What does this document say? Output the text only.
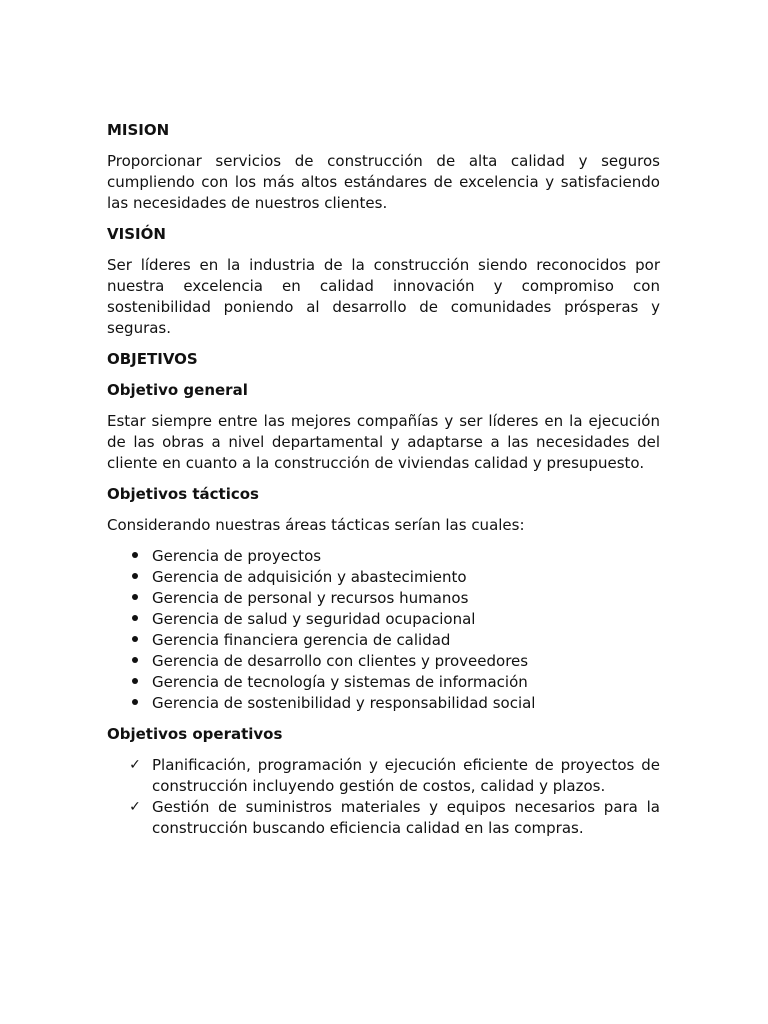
MISION

Proporcionar servicios de construcción de alta calidad y seguros cumpliendo con los más altos estándares de excelencia y satisfaciendo las necesidades de nuestros clientes.

VISIÓN

Ser líderes en la industria de la construcción siendo reconocidos por nuestra excelencia en calidad innovación y compromiso con sostenibilidad poniendo al desarrollo de comunidades prósperas y seguras.

OBJETIVOS
Objetivo general

Estar siempre entre las mejores compañías y ser líderes en la ejecución de las obras a nivel departamental y adaptarse a las necesidades del cliente en cuanto a la construcción de viviendas calidad y presupuesto.

Objetivos tácticos

Considerando nuestras áreas tácticas serían las cuales:

Gerencia de proyectos
Gerencia de adquisición y abastecimiento
Gerencia de personal y recursos humanos
Gerencia de salud y seguridad ocupacional
Gerencia financiera gerencia de calidad
Gerencia de desarrollo con clientes y proveedores
Gerencia de tecnología y sistemas de información
Gerencia de sostenibilidad y responsabilidad social
Objetivos operativos
✓ Planificación, programación y ejecución eficiente de proyectos de construcción incluyendo gestión de costos, calidad y plazos.
✓ Gestión de suministros materiales y equipos necesarios para la construcción buscando eficiencia calidad en las compras.
